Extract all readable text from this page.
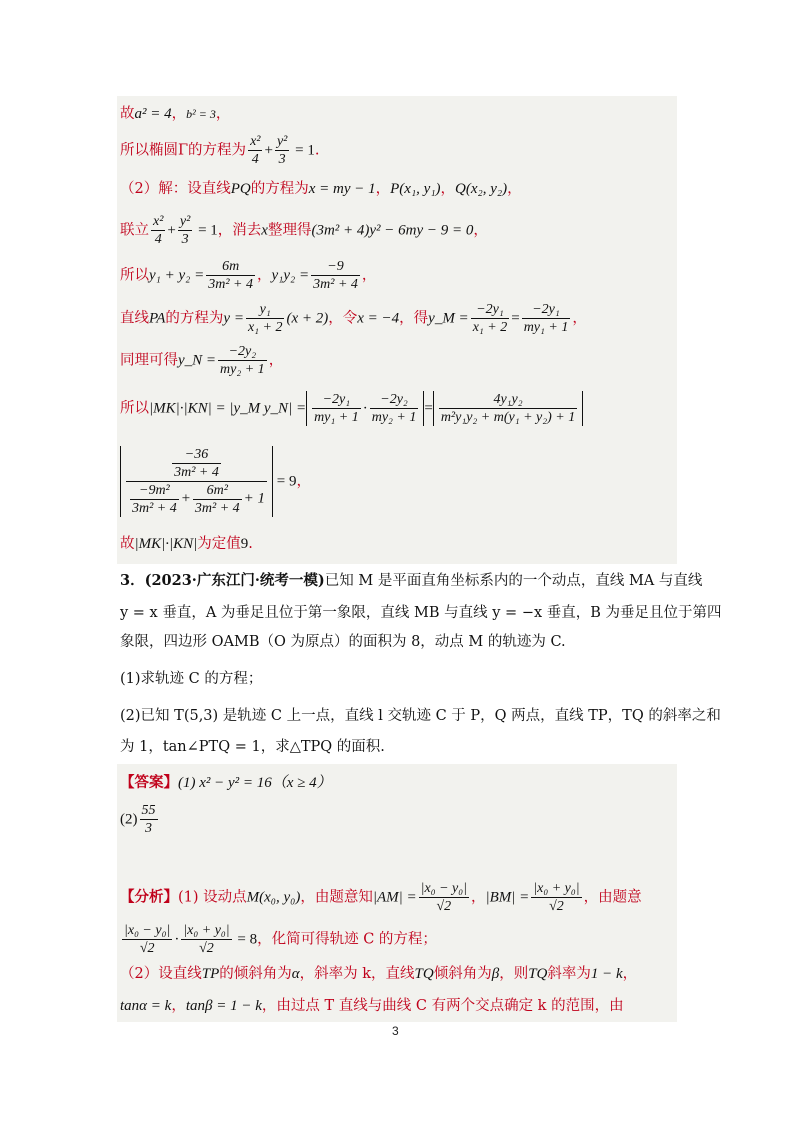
故a² = 4，b² = 3，
所以椭圆Γ的方程为 $\frac{\text{x²}}{4} + \frac{\text{y²}}{3} = 1$.
（2）解：设直线PQ的方程为x = my − 1，P(x₁, y₁)，Q(x₂, y₂)，
联立 $\frac{\text{x²}}{4} + \frac{\text{y²}}{3} = 1$，消去x整理得(3m² + 4)y² − 6my − 9 = 0，
所以$y_1 + y_2 = \frac{6m}{\text{3m² + 4}}$ ，$y_1y_2 = \frac{-9}{\text{3m² + 4}}$ ，
直线PA的方程为$y = \frac{\text{y₁}}{\text{x₁ + 2}} (x + 2)$，令x = −4，得y_M = $\frac{\text{−2y₁}}{\text{x₁ + 2}} = \frac{\text{−2y₁}}{\text{my₁ + 1}}$ ，
同理可得y_N = $\frac{\text{−2y₂}}{\text{my₂ + 1}}$ ，
所以|MK|·|KN| = |y_M y_N| = $\frac{\text{−2y₁}}{\text{my₁ + 1}} \cdot \frac{\text{−2y₂}}{\text{my₂ + 1}} = \frac{\text{4y₁y₂}}{\text{m²y₁y₂ + m(y₁ + y₂) + 1}}$
$\frac{\frac{-36}{\text{3m² + 4}}}{\frac{\text{−9m²}}{\text{3m² + 4}} + \frac{\text{6m²}}{\text{3m² + 4}} + 1} = 9$，
故|MK|·|KN|为定值9.
3．(2023·广东江门·统考一模)已知 M 是平面直角坐标系内的一个动点，直线 MA 与直线
y = x 垂直，A 为垂足且位于第一象限，直线 MB 与直线 y = −x 垂直，B 为垂足且位于第四
象限，四边形 OAMB（O 为原点）的面积为 8，动点 M 的轨迹为 C.
(1)求轨迹 C 的方程；
(2)已知 T(5,3) 是轨迹 C 上一点，直线 l 交轨迹 C 于 P，Q 两点，直线 TP，TQ 的斜率之和
为 1，tan∠PTQ = 1，求△TPQ 的面积.
【答案】(1) x² − y² = 16（x ≥ 4）
$(2) \frac{55}{3}$
【分析】(1) 设动点M(x₀, y₀)，由题意知$|AM| = \frac{\text{|x₀ − y₀|}}{√2}$ ，$|BM| = \frac{\text{|x₀ + y₀|}}{√2}$ ，由题意
$\frac{\text{|x₀ − y₀|}}{√2} \cdot \frac{\text{|x₀ + y₀|}}{√2} = 8$，化简可得轨迹 C 的方程；
（2）设直线TP的倾斜角为α，斜率为 k，直线TQ倾斜角为β，则TQ斜率为1 − k，
tanα = k，tanβ = 1 − k，由过点 T 直线与曲线 C 有两个交点确定 k 的范围，由
3
